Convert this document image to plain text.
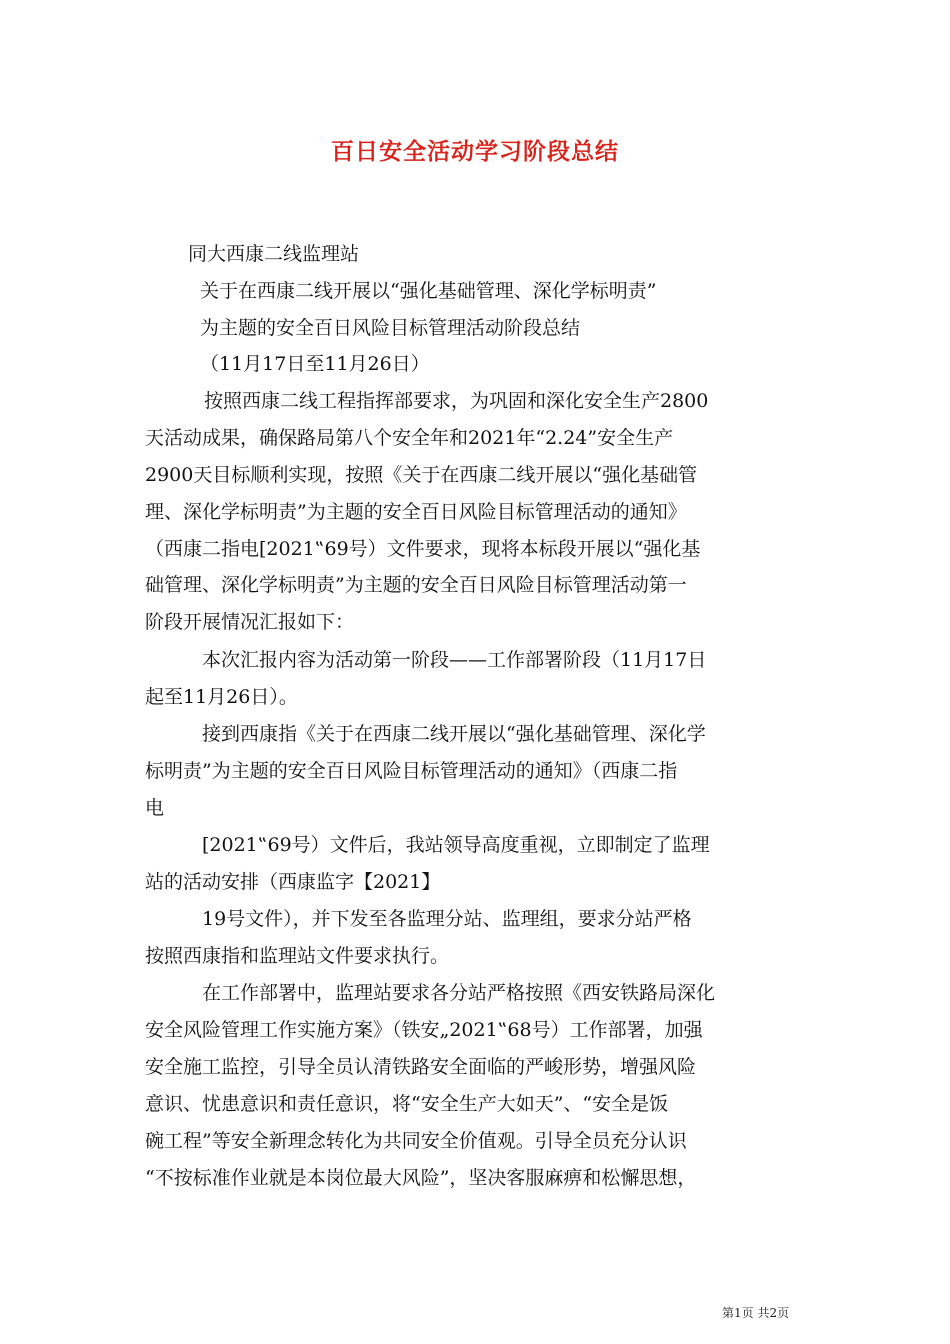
百日安全活动学习阶段总结
同大西康二线监理站
关于在西康二线开展以“强化基础管理、深化学标明责”
为主题的安全百日风险目标管理活动阶段总结
（11月17日至11月26日）
按照西康二线工程指挥部要求，为巩固和深化安全生产2800
天活动成果，确保路局第八个安全年和2021年“2.24”安全生产
2900天目标顺利实现，按照《关于在西康二线开展以“强化基础管
理、深化学标明责”为主题的安全百日风险目标管理活动的通知》
（西康二指电[2021‟69号）文件要求，现将本标段开展以“强化基
础管理、深化学标明责”为主题的安全百日风险目标管理活动第一
阶段开展情况汇报如下：
本次汇报内容为活动第一阶段——工作部署阶段（11月17日
起至11月26日）。
接到西康指《关于在西康二线开展以“强化基础管理、深化学
标明责”为主题的安全百日风险目标管理活动的通知》（西康二指
电
[2021‟69号）文件后，我站领导高度重视，立即制定了监理
站的活动安排（西康监字【2021】
19号文件），并下发至各监理分站、监理组，要求分站严格
按照西康指和监理站文件要求执行。
在工作部署中，监理站要求各分站严格按照《西安铁路局深化
安全风险管理工作实施方案》（铁安„2021‟68号）工作部署，加强
安全施工监控，引导全员认清铁路安全面临的严峻形势，增强风险
意识、忧患意识和责任意识，将“安全生产大如天”、“安全是饭
碗工程”等安全新理念转化为共同安全价值观。引导全员充分认识
“不按标准作业就是本岗位最大风险”，坚决客服麻痹和松懈思想，
第1页 共2页
